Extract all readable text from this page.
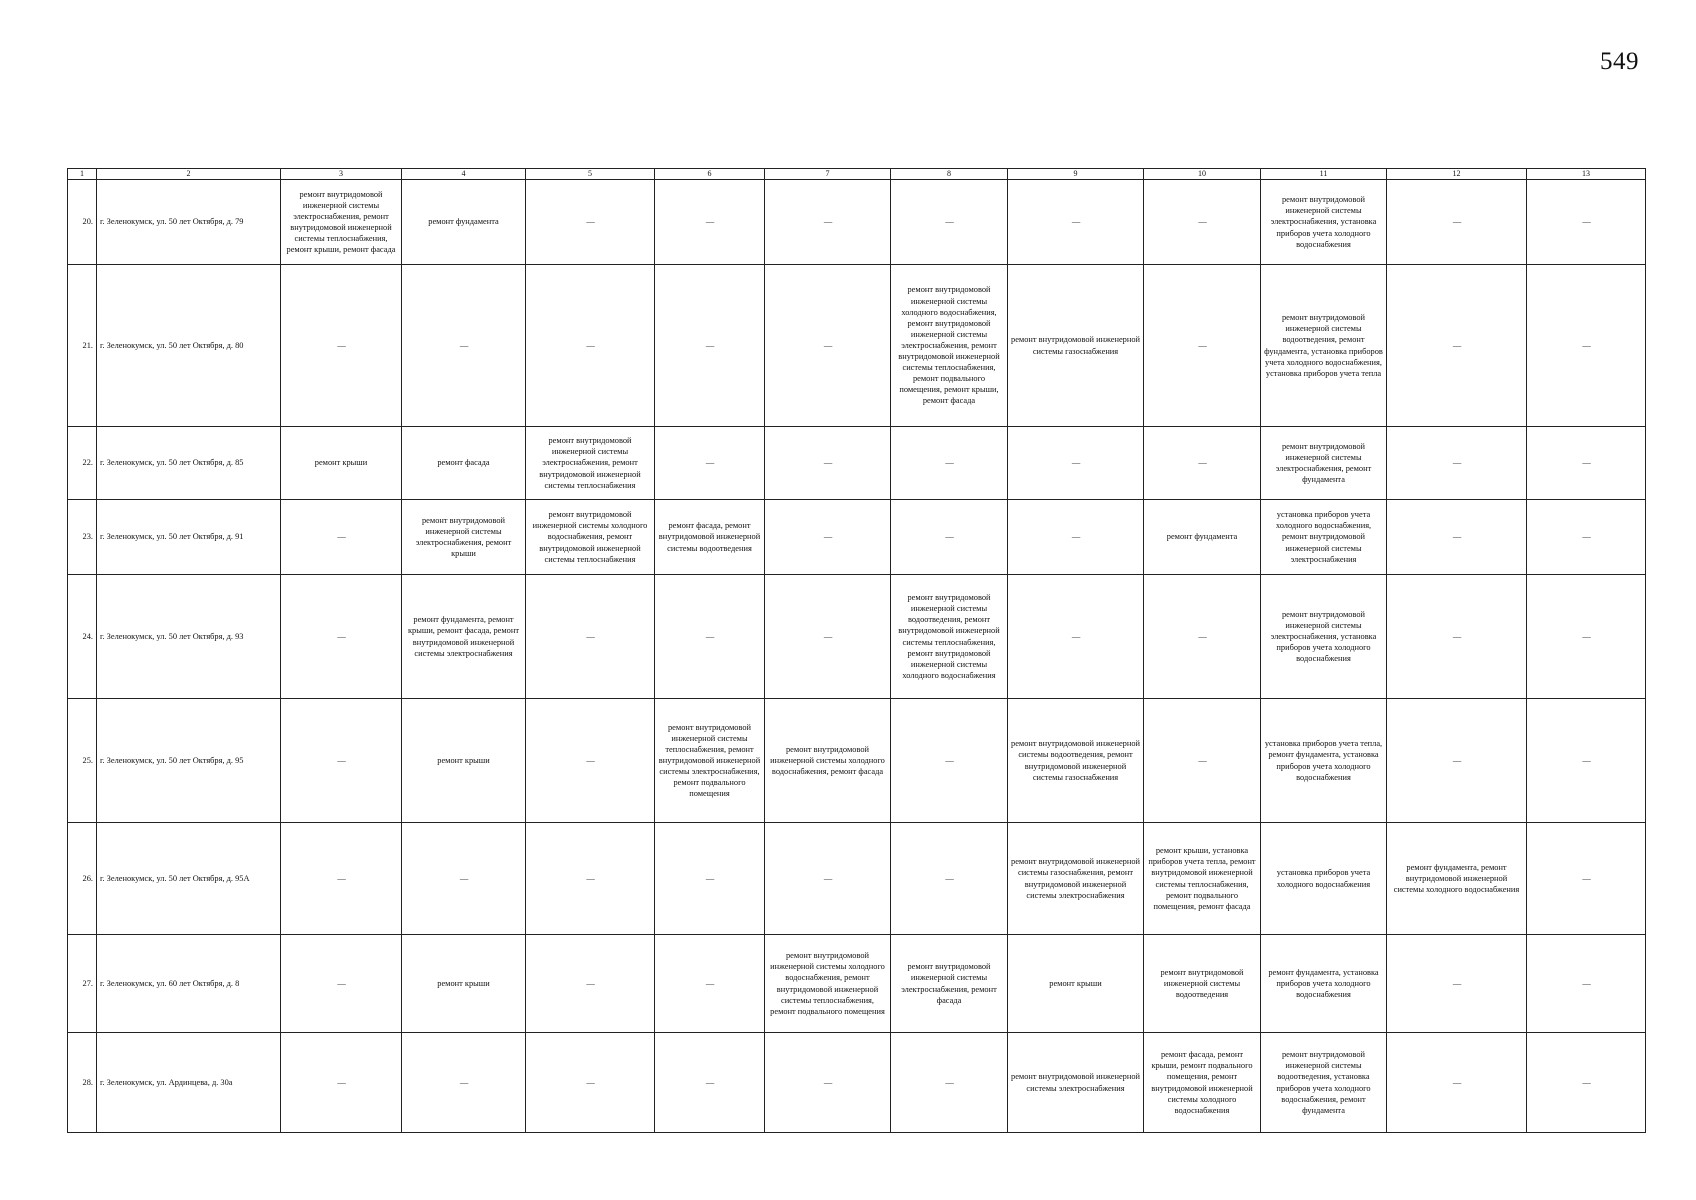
549
1	2	3	4	5	6	7	8	9	10	11	12	13
20.	г. Зеленокумск, ул. 50 лет Октября, д. 79	ремонт внутридомовой инженерной системы электроснабжения, ремонт внутридомовой инженерной системы теплоснабжения, ремонт крыши, ремонт фасада	ремонт фундамента	—	—	—	—	—	—	ремонт внутридомовой инженерной системы электроснабжения, установка приборов учета холодного водоснабжения	—	—
21.	г. Зеленокумск, ул. 50 лет Октября, д. 80	—	—	—	—	—	ремонт внутридомовой инженерной системы холодного водоснабжения, ремонт внутридомовой инженерной системы электроснабжения, ремонт внутридомовой инженерной системы теплоснабжения, ремонт подвального помещения, ремонт крыши, ремонт фасада	ремонт внутридомовой инженерной системы газоснабжения	—	ремонт внутридомовой инженерной системы водоотведения, ремонт фундамента, установка приборов учета холодного водоснабжения, установка приборов учета тепла	—	—
22.	г. Зеленокумск, ул. 50 лет Октября, д. 85	ремонт крыши	ремонт фасада	ремонт внутридомовой инженерной системы электроснабжения, ремонт внутридомовой инженерной системы теплоснабжения	—	—	—	—	—	ремонт внутридомовой инженерной системы электроснабжения, ремонт фундамента	—	—
23.	г. Зеленокумск, ул. 50 лет Октября, д. 91	—	ремонт внутридомовой инженерной системы электроснабжения, ремонт крыши	ремонт внутридомовой инженерной системы холодного водоснабжения, ремонт внутридомовой инженерной системы теплоснабжения	ремонт фасада, ремонт внутридомовой инженерной системы водоотведения	—	—	—	ремонт фундамента	установка приборов учета холодного водоснабжения, ремонт внутридомовой инженерной системы электроснабжения	—	—
24.	г. Зеленокумск, ул. 50 лет Октября, д. 93	—	ремонт фундамента, ремонт крыши, ремонт фасада, ремонт внутридомовой инженерной системы электроснабжения	—	—	—	ремонт внутридомовой инженерной системы водоотведения, ремонт внутридомовой инженерной системы теплоснабжения, ремонт внутридомовой инженерной системы холодного водоснабжения	—	—	ремонт внутридомовой инженерной системы электроснабжения, установка приборов учета холодного водоснабжения	—	—
25.	г. Зеленокумск, ул. 50 лет Октября, д. 95	—	ремонт крыши	—	ремонт внутридомовой инженерной системы теплоснабжения, ремонт внутридомовой инженерной системы электроснабжения, ремонт подвального помещения	ремонт внутридомовой инженерной системы холодного водоснабжения, ремонт фасада	—	ремонт внутридомовой инженерной системы водоотведения, ремонт внутридомовой инженерной системы газоснабжения	—	установка приборов учета тепла, ремонт фундамента, установка приборов учета холодного водоснабжения	—	—
26.	г. Зеленокумск, ул. 50 лет Октября, д. 95А	—	—	—	—	—	—	ремонт внутридомовой инженерной системы газоснабжения, ремонт внутридомовой инженерной системы электроснабжения	ремонт крыши, установка приборов учета тепла, ремонт внутридомовой инженерной системы теплоснабжения, ремонт подвального помещения, ремонт фасада	установка приборов учета холодного водоснабжения	ремонт фундамента, ремонт внутридомовой инженерной системы холодного водоснабжения	—
27.	г. Зеленокумск, ул. 60 лет Октября, д. 8	—	ремонт крыши	—	—	ремонт внутридомовой инженерной системы холодного водоснабжения, ремонт внутридомовой инженерной системы теплоснабжения, ремонт подвального помещения	ремонт внутридомовой инженерной системы электроснабжения, ремонт фасада	ремонт крыши	ремонт внутридомовой инженерной системы водоотведения	ремонт фундамента, установка приборов учета холодного водоснабжения	—	—
28.	г. Зеленокумск, ул. Ардинцева, д. 30а	—	—	—	—	—	—	ремонт внутридомовой инженерной системы электроснабжения	ремонт фасада, ремонт крыши, ремонт подвального помещения, ремонт внутридомовой инженерной системы холодного водоснабжения	ремонт внутридомовой инженерной системы водоотведения, установка приборов учета холодного водоснабжения, ремонт фундамента	—	—
